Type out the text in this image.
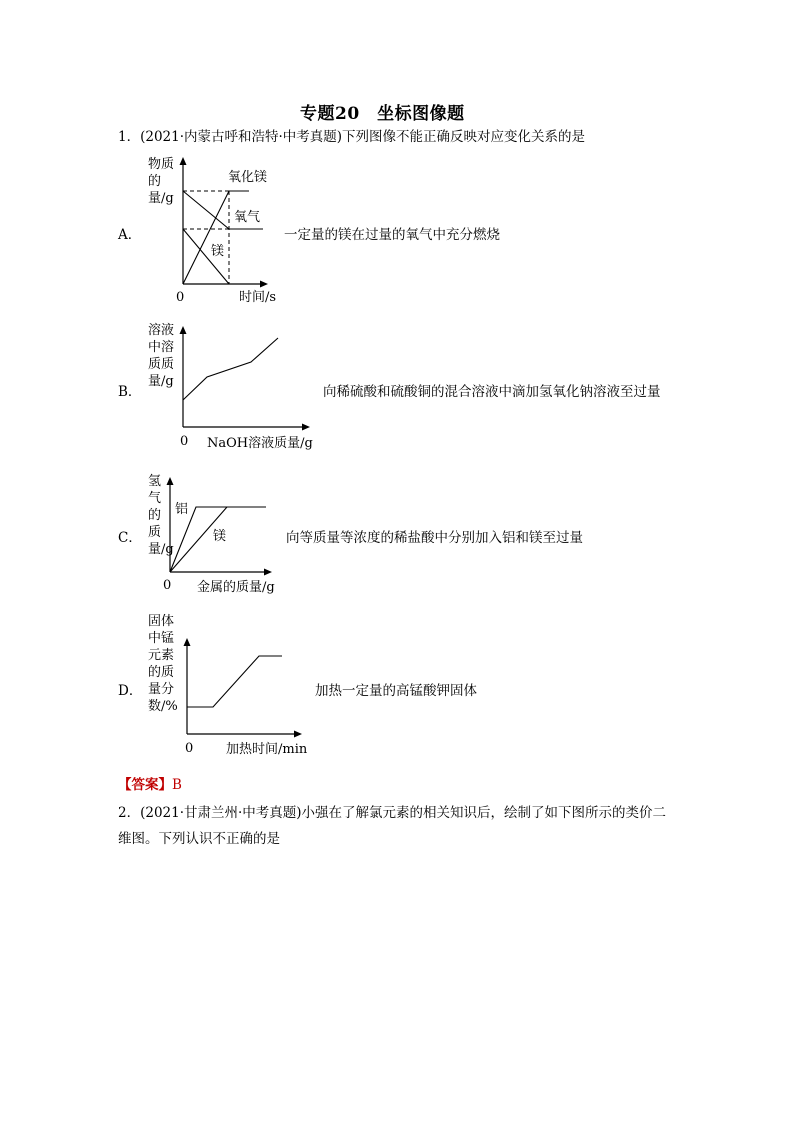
专题20　坐标图像题
1．(2021·内蒙古呼和浩特·中考真题)下列图像不能正确反映对应变化关系的是
A．
物质的量/g
氧化镁
氧气
镁
0	时间/s
一定量的镁在过量的氧气中充分燃烧
B．
溶液中溶质质量/g
0 NaOH溶液质量/g
向稀硫酸和硫酸铜的混合溶液中滴加氢氧化钠溶液至过量
C．
氢气的质量/g
铝
镁
0 金属的质量/g
向等质量等浓度的稀盐酸中分别加入铝和镁至过量
D．
固体中锰元素的质量分数/%
0	加热时间/min
加热一定量的高锰酸钾固体
【答案】B
2．(2021·甘肃兰州·中考真题)小强在了解氯元素的相关知识后，绘制了如下图所示的类价二
维图。下列认识不正确的是
